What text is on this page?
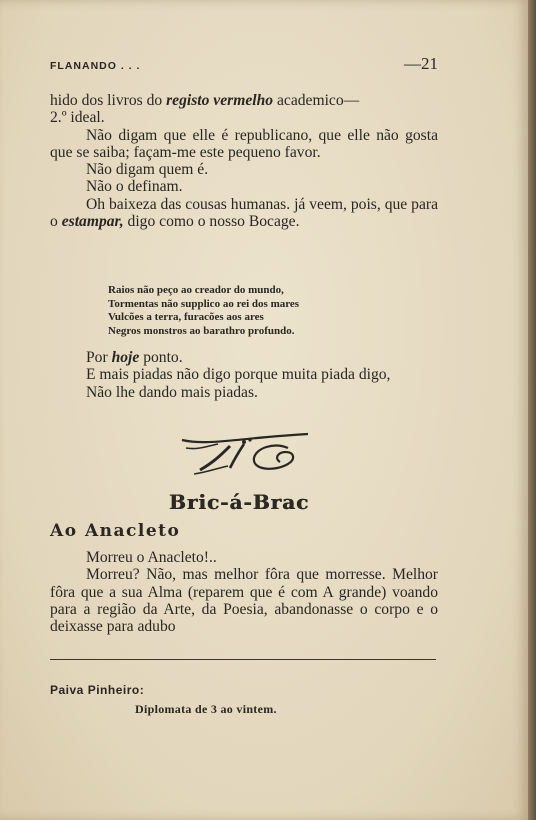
FLANANDO . . .	—21

hido dos livros do registo vermelho academico—
2.º ideal.

Não digam que elle é republicano, que elle não gosta que se saiba; façam-me este pequeno favor.

Não digam quem é.

Não o definam.

Oh baixeza das cousas humanas. já veem, pois, que para o estampar, digo como o nosso Bocage.

Raios não peço ao creador do mundo,
Tormentas não supplico ao rei dos mares
Vulcões a terra, furacões aos ares
Negros monstros ao barathro profundo.

Por hoje ponto.

E mais piadas não digo porque muita piada digo,

Não lhe dando mais piadas.

Bric-á-Brac
Ao Anacleto

Morreu o Anacleto!..

Morreu? Não, mas melhor fôra que morresse. Melhor fôra que a sua Alma (reparem que é com A grande) voando para a região da Arte, da Poesia, abandonasse o corpo e o deixasse para adubo

Paiva Pinheiro:
Diplomata de 3 ao vintem.
